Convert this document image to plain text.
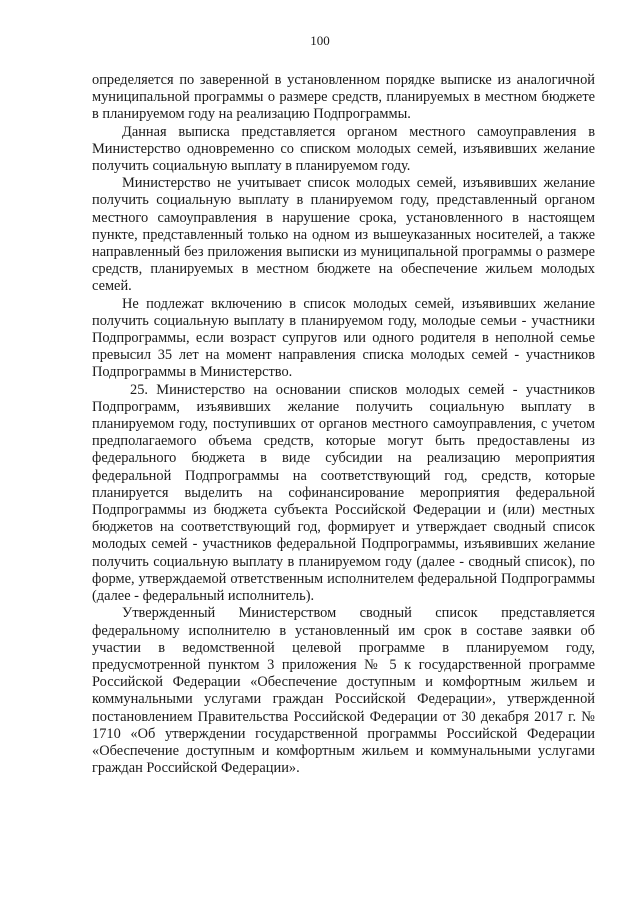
100

определяется по заверенной в установленном порядке выписке из аналогичной муниципальной программы о размере средств, планируемых в местном бюджете в планируемом году на реализацию Подпрограммы.

Данная выписка представляется органом местного самоуправления в Министерство одновременно со списком молодых семей, изъявивших желание получить социальную выплату в планируемом году.

Министерство не учитывает список молодых семей, изъявивших желание получить социальную выплату в планируемом году, представленный органом местного самоуправления в нарушение срока, установленного в настоящем пункте, представленный только на одном из вышеуказанных носителей, а также направленный без приложения выписки из муниципальной программы о размере средств, планируемых в местном бюджете на обеспечение жильем молодых семей.

Не подлежат включению в список молодых семей, изъявивших желание получить социальную выплату в планируемом году, молодые семьи - участники Подпрограммы, если возраст супругов или одного родителя в неполной семье превысил 35 лет на момент направления списка молодых семей - участников Подпрограммы в Министерство.

25. Министерство на основании списков молодых семей - участников Подпрограмм, изъявивших желание получить социальную выплату в планируемом году, поступивших от органов местного самоуправления, с учетом предполагаемого объема средств, которые могут быть предоставлены из федерального бюджета в виде субсидии на реализацию мероприятия федеральной Подпрограммы на соответствующий год, средств, которые планируется выделить на софинансирование мероприятия федеральной Подпрограммы из бюджета субъекта Российской Федерации и (или) местных бюджетов на соответствующий год, формирует и утверждает сводный список молодых семей - участников федеральной Подпрограммы, изъявивших желание получить социальную выплату в планируемом году (далее - сводный список), по форме, утверждаемой ответственным исполнителем федеральной Подпрограммы (далее - федеральный исполнитель).

Утвержденный Министерством сводный список представляется федеральному исполнителю в установленный им срок в составе заявки об участии в ведомственной целевой программе в планируемом году, предусмотренной пунктом 3 приложения № 5 к государственной программе Российской Федерации «Обеспечение доступным и комфортным жильем и коммунальными услугами граждан Российской Федерации», утвержденной постановлением Правительства Российской Федерации от 30 декабря 2017 г. № 1710 «Об утверждении государственной программы Российской Федерации «Обеспечение доступным и комфортным жильем и коммунальными услугами граждан Российской Федерации».
